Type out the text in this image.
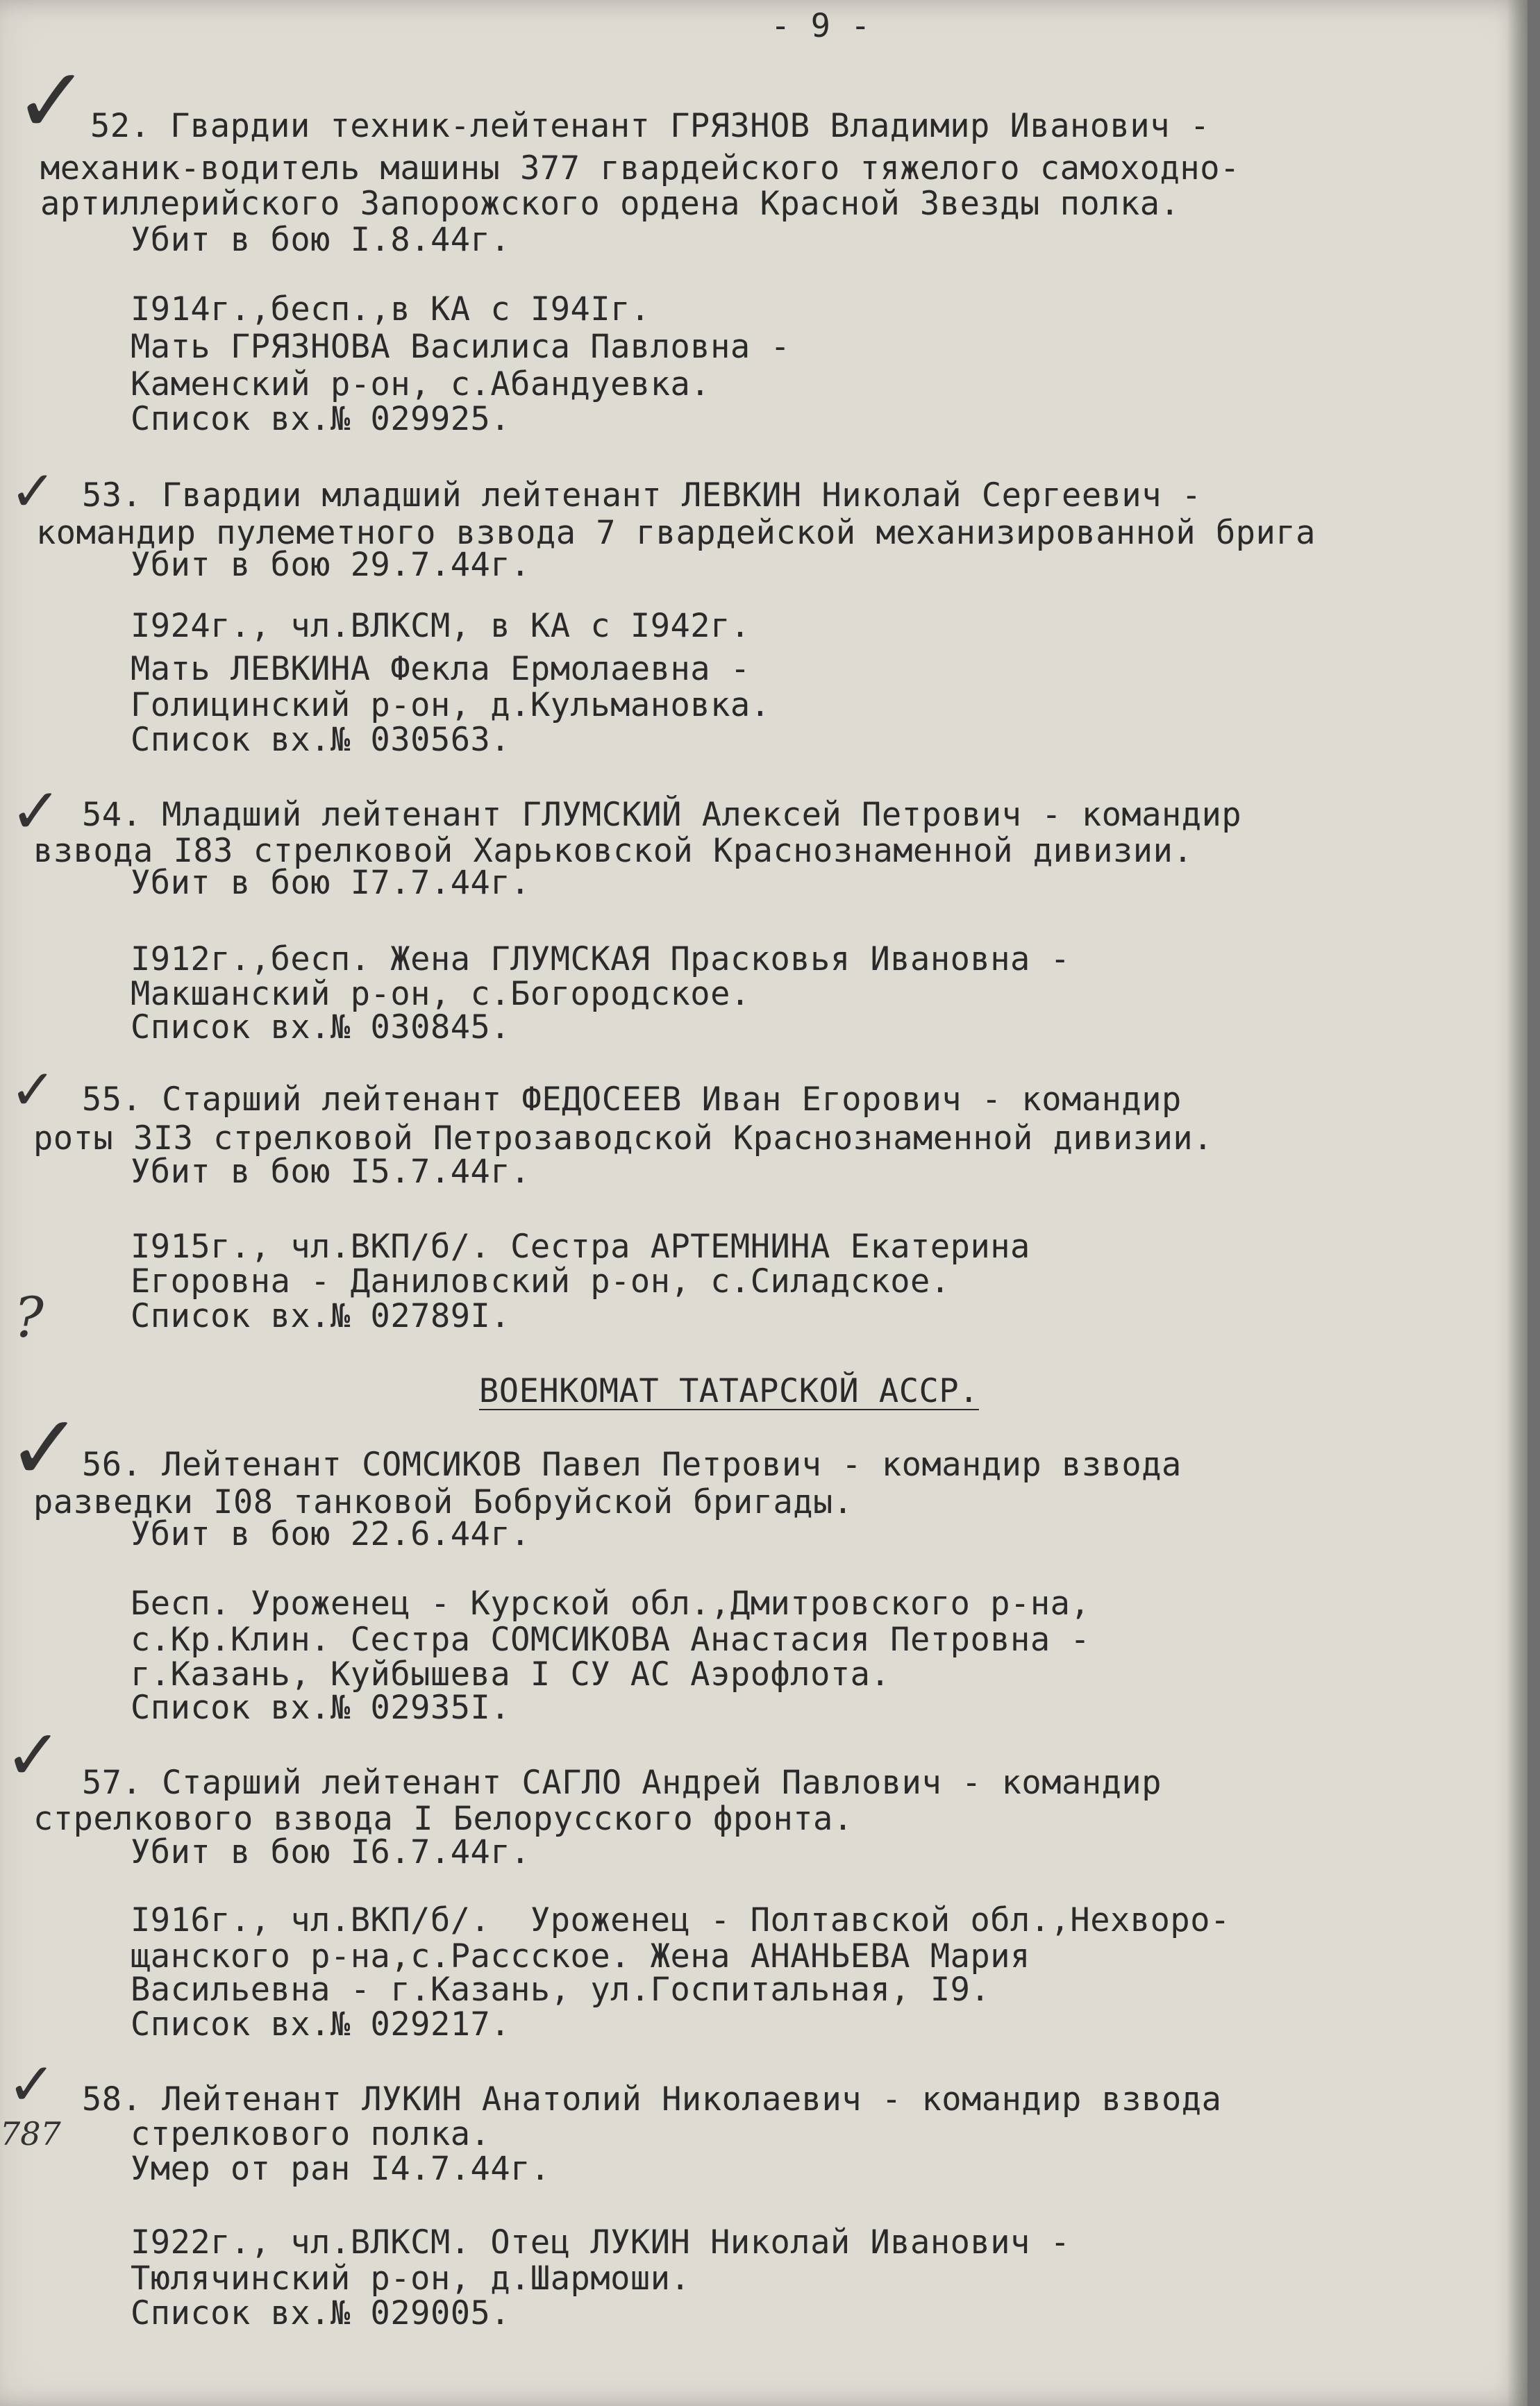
- 9 -

✓

✓

✓

✓

✓

✓

✓

?

787

52. Гвардии техник-лейтенант ГРЯЗНОВ Владимир Иванович -

механик-водитель машины 377 гвардейского тяжелого самоходно-

артиллерийского Запорожского ордена Красной Звезды полка.

Убит в бою I.8.44г.

I914г.,бесп.,в КА с I94Iг.

Мать ГРЯЗНОВА Василиса Павловна -

Каменский р-он, с.Абандуевка.

Список вх.№ 029925.

53. Гвардии младший лейтенант ЛЕВКИН Николай Сергеевич -

командир пулеметного взвода 7 гвардейской механизированной брига

Убит в бою 29.7.44г.

I924г., чл.ВЛКСМ, в КА с I942г.

Мать ЛЕВКИНА Фекла Ермолаевна -

Голицинский р-он, д.Кульмановка.

Список вх.№ 030563.

54. Младший лейтенант ГЛУМСКИЙ Алексей Петрович - командир

взвода I83 стрелковой Харьковской Краснознаменной дивизии.

Убит в бою I7.7.44г.

I912г.,бесп. Жена ГЛУМСКАЯ Прасковья Ивановна -

Макшанский р-он, с.Богородское.

Список вх.№ 030845.

55. Старший лейтенант ФЕДОСЕЕВ Иван Егорович - командир

роты 3I3 стрелковой Петрозаводской Краснознаменной дивизии.

Убит в бою I5.7.44г.

I915г., чл.ВКП/б/. Сестра АРТЕМНИНА Екатерина

Егоровна - Даниловский р-он, с.Силадское.

Список вх.№ 02789I.

ВОЕНКОМАТ ТАТАРСКОЙ АССР.

56. Лейтенант СОМСИКОВ Павел Петрович - командир взвода

разведки I08 танковой Бобруйской бригады.

Убит в бою 22.6.44г.

Бесп. Уроженец - Курской обл.,Дмитровского р-на,

с.Кр.Клин. Сестра СОМСИКОВА Анастасия Петровна -

г.Казань, Куйбышева I СУ АС Аэрофлота.

Список вх.№ 02935I.

57. Старший лейтенант САГЛО Андрей Павлович - командир

стрелкового взвода I Белорусского фронта.

Убит в бою I6.7.44г.

I916г., чл.ВКП/б/.  Уроженец - Полтавской обл.,Нехворо-

щанского р-на,с.Рассское. Жена АНАНЬЕВА Мария

Васильевна - г.Казань, ул.Госпитальная, I9.

Список вх.№ 029217.

58. Лейтенант ЛУКИН Анатолий Николаевич - командир взвода

стрелкового полка.

Умер от ран I4.7.44г.

I922г., чл.ВЛКСМ. Отец ЛУКИН Николай Иванович -

Тюлячинский р-он, д.Шармоши.

Список вх.№ 029005.
